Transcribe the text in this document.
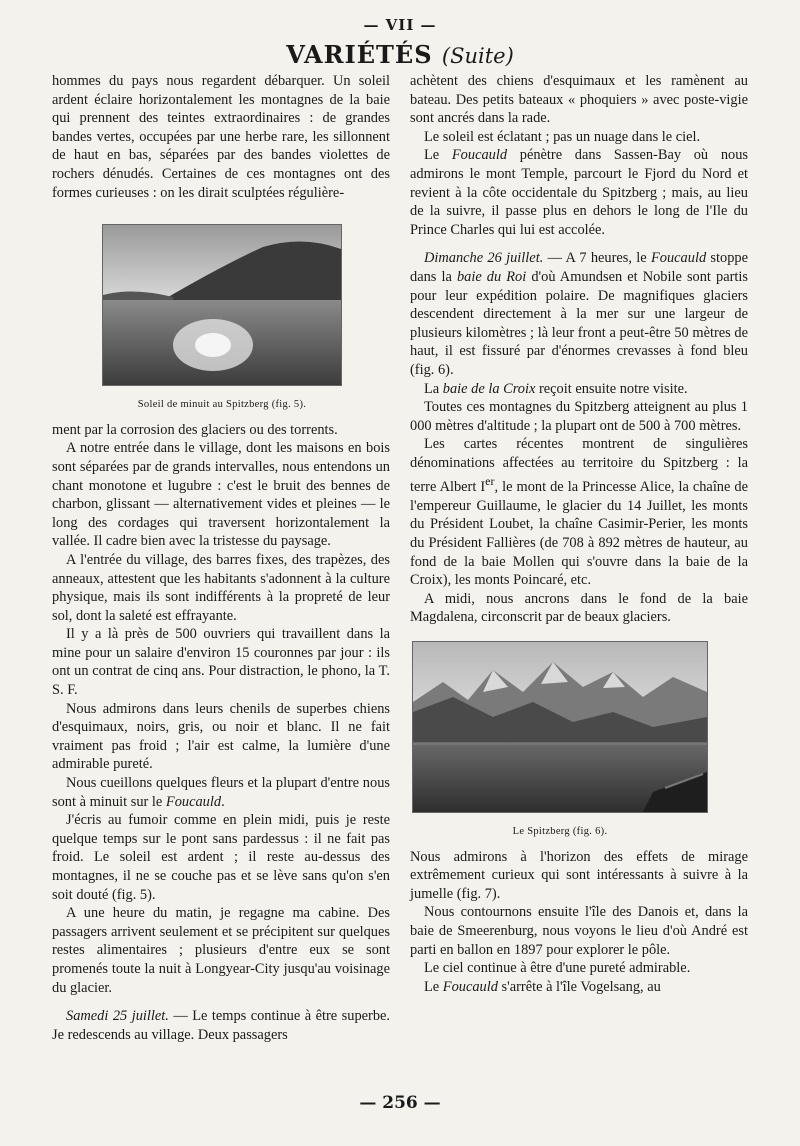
— VII —
VARIÉTÉS (Suite)

hommes du pays nous regardent débarquer. Un soleil ardent éclaire horizontalement les montagnes de la baie qui prennent des teintes extraordinaires : de grandes bandes vertes, occupées par une herbe rare, les sillonnent de haut en bas, séparées par des bandes violettes de rochers dénudés. Certaines de ces montagnes ont des formes curieuses : on les dirait sculptées régulière-

Soleil de minuit au Spitzberg (fig. 5).

ment par la corrosion des glaciers ou des torrents.

A notre entrée dans le village, dont les maisons en bois sont séparées par de grands intervalles, nous entendons un chant monotone et lugubre : c'est le bruit des bennes de charbon, glissant — alternativement vides et pleines — le long des cordages qui traversent horizontalement la vallée. Il cadre bien avec la tristesse du paysage.

A l'entrée du village, des barres fixes, des trapèzes, des anneaux, attestent que les habitants s'adonnent à la culture physique, mais ils sont indifférents à la propreté de leur sol, dont la saleté est effrayante.

Il y a là près de 500 ouvriers qui travaillent dans la mine pour un salaire d'environ 15 couronnes par jour : ils ont un contrat de cinq ans. Pour distraction, le phono, la T. S. F.

Nous admirons dans leurs chenils de superbes chiens d'esquimaux, noirs, gris, ou noir et blanc. Il ne fait vraiment pas froid ; l'air est calme, la lumière d'une admirable pureté.

Nous cueillons quelques fleurs et la plupart d'entre nous sont à minuit sur le Foucauld.

J'écris au fumoir comme en plein midi, puis je reste quelque temps sur le pont sans pardessus : il ne fait pas froid. Le soleil est ardent ; il reste au-dessus des montagnes, il ne se couche pas et se lève sans qu'on s'en soit douté (fig. 5).

A une heure du matin, je regagne ma cabine. Des passagers arrivent seulement et se précipitent sur quelques restes alimentaires ; plusieurs d'entre eux se sont promenés toute la nuit à Longyear-City jusqu'au voisinage du glacier.

Samedi 25 juillet. — Le temps continue à être superbe. Je redescends au village. Deux passagers

achètent des chiens d'esquimaux et les ramènent au bateau. Des petits bateaux « phoquiers » avec poste-vigie sont ancrés dans la rade.

Le soleil est éclatant ; pas un nuage dans le ciel.

Le Foucauld pénètre dans Sassen-Bay où nous admirons le mont Temple, parcourt le Fjord du Nord et revient à la côte occidentale du Spitzberg ; mais, au lieu de la suivre, il passe plus en dehors le long de l'Ile du Prince Charles qui lui est accolée.

Dimanche 26 juillet. — A 7 heures, le Foucauld stoppe dans la baie du Roi d'où Amundsen et Nobile sont partis pour leur expédition polaire. De magnifiques glaciers descendent directement à la mer sur une largeur de plusieurs kilomètres ; là leur front a peut-être 50 mètres de haut, il est fissuré par d'énormes crevasses à fond bleu (fig. 6).

La baie de la Croix reçoit ensuite notre visite.

Toutes ces montagnes du Spitzberg atteignent au plus 1 000 mètres d'altitude ; la plupart ont de 500 à 700 mètres.

Les cartes récentes montrent de singulières dénominations affectées au territoire du Spitzberg : la terre Albert Ier, le mont de la Princesse Alice, la chaîne de l'empereur Guillaume, le glacier du 14 Juillet, les monts du Président Loubet, la chaîne Casimir-Perier, les monts du Président Fallières (de 708 à 892 mètres de hauteur, au fond de la baie Mollen qui s'ouvre dans la baie de la Croix), les monts Poincaré, etc.

A midi, nous ancrons dans le fond de la baie Magdalena, circonscrit par de beaux glaciers.

Le Spitzberg (fig. 6).

Nous admirons à l'horizon des effets de mirage extrêmement curieux qui sont intéressants à suivre à la jumelle (fig. 7).

Nous contournons ensuite l'île des Danois et, dans la baie de Smeerenburg, nous voyons le lieu d'où André est parti en ballon en 1897 pour explorer le pôle.

Le ciel continue à être d'une pureté admirable.

Le Foucauld s'arrête à l'île Vogelsang, au

— 256 —
